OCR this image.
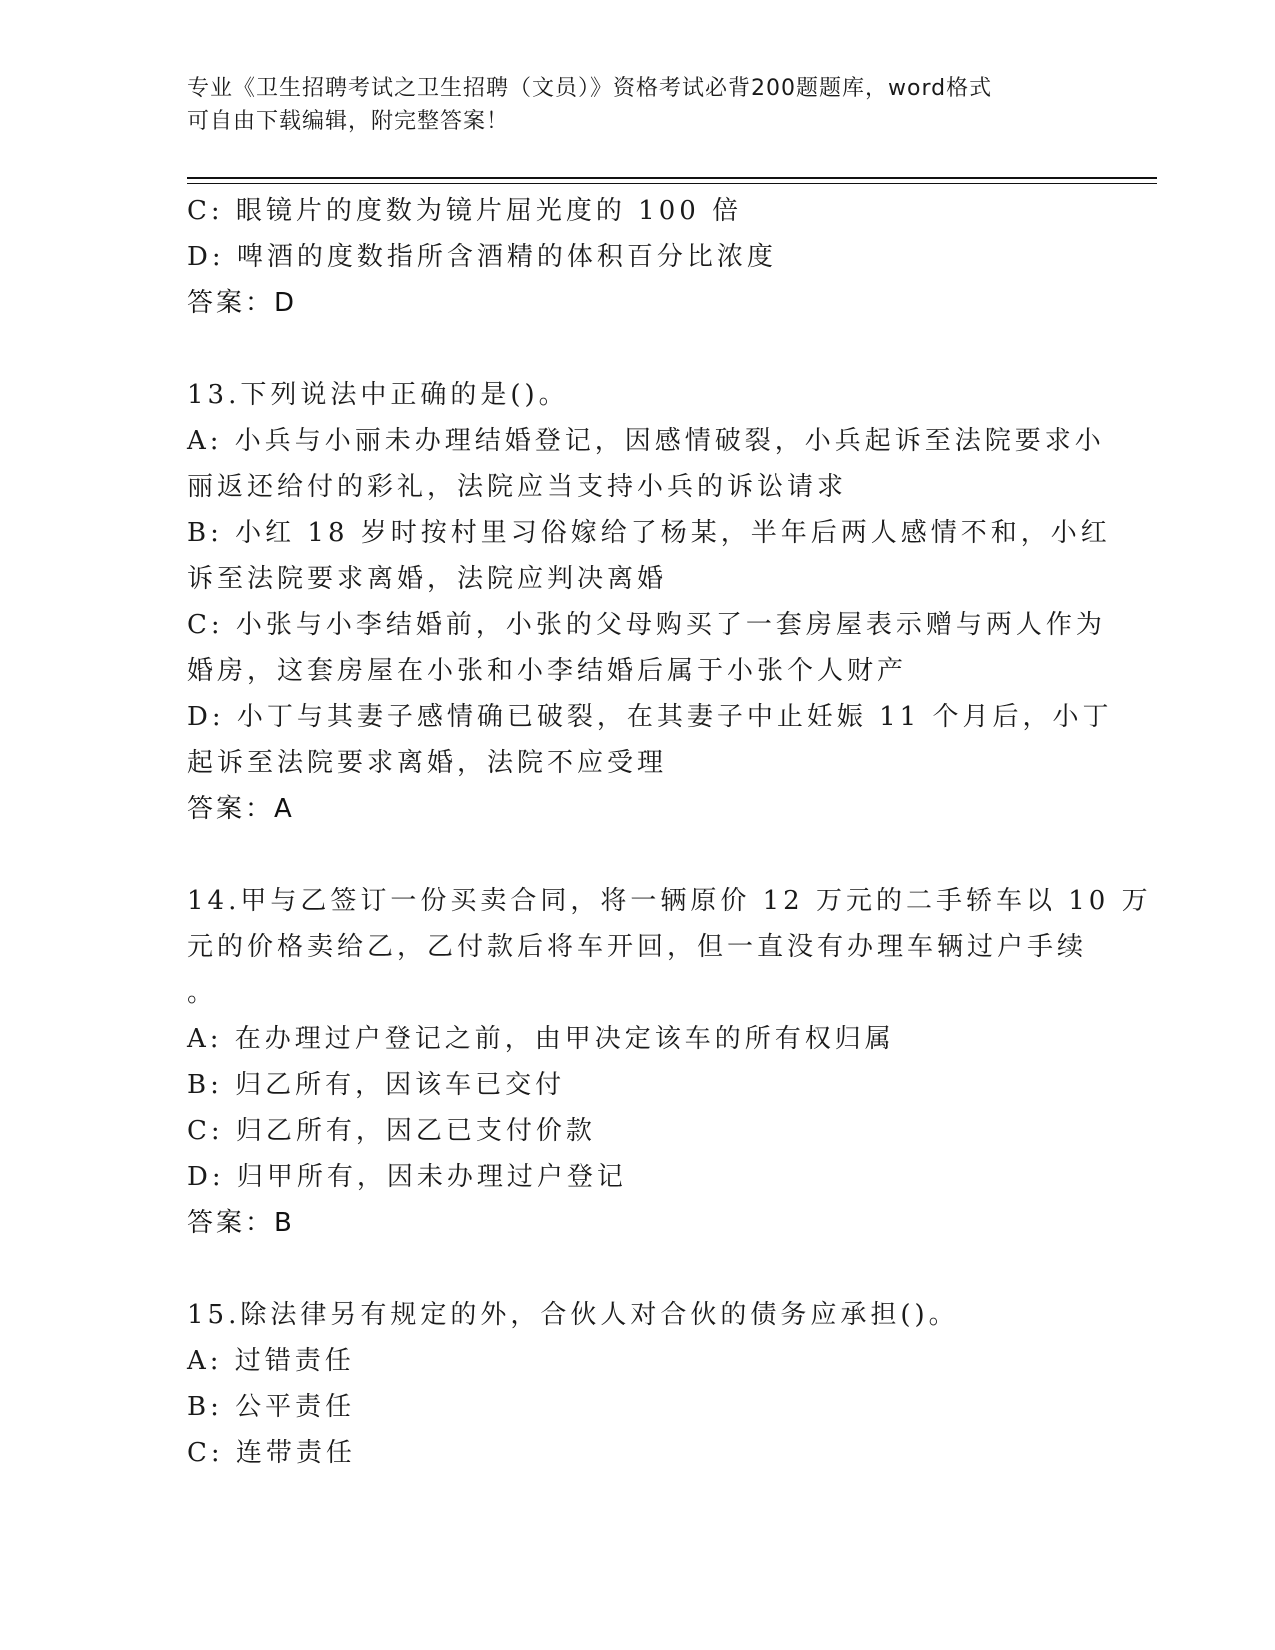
专业《卫生招聘考试之卫生招聘（文员）》资格考试必背200题题库，word格式
可自由下载编辑，附完整答案！
C: 眼镜片的度数为镜片屈光度的 100 倍
D: 啤酒的度数指所含酒精的体积百分比浓度
答案：D
13.下列说法中正确的是()。
A: 小兵与小丽未办理结婚登记，因感情破裂，小兵起诉至法院要求小
丽返还给付的彩礼，法院应当支持小兵的诉讼请求
B: 小红 18 岁时按村里习俗嫁给了杨某，半年后两人感情不和，小红
诉至法院要求离婚，法院应判决离婚
C: 小张与小李结婚前，小张的父母购买了一套房屋表示赠与两人作为
婚房，这套房屋在小张和小李结婚后属于小张个人财产
D: 小丁与其妻子感情确已破裂，在其妻子中止妊娠 11 个月后，小丁
起诉至法院要求离婚，法院不应受理
答案：A
14.甲与乙签订一份买卖合同，将一辆原价 12 万元的二手轿车以 10 万
元的价格卖给乙，乙付款后将车开回，但一直没有办理车辆过户手续
。
A: 在办理过户登记之前，由甲决定该车的所有权归属
B: 归乙所有，因该车已交付
C: 归乙所有，因乙已支付价款
D: 归甲所有，因未办理过户登记
答案：B
15.除法律另有规定的外，合伙人对合伙的债务应承担()。
A: 过错责任
B: 公平责任
C: 连带责任
